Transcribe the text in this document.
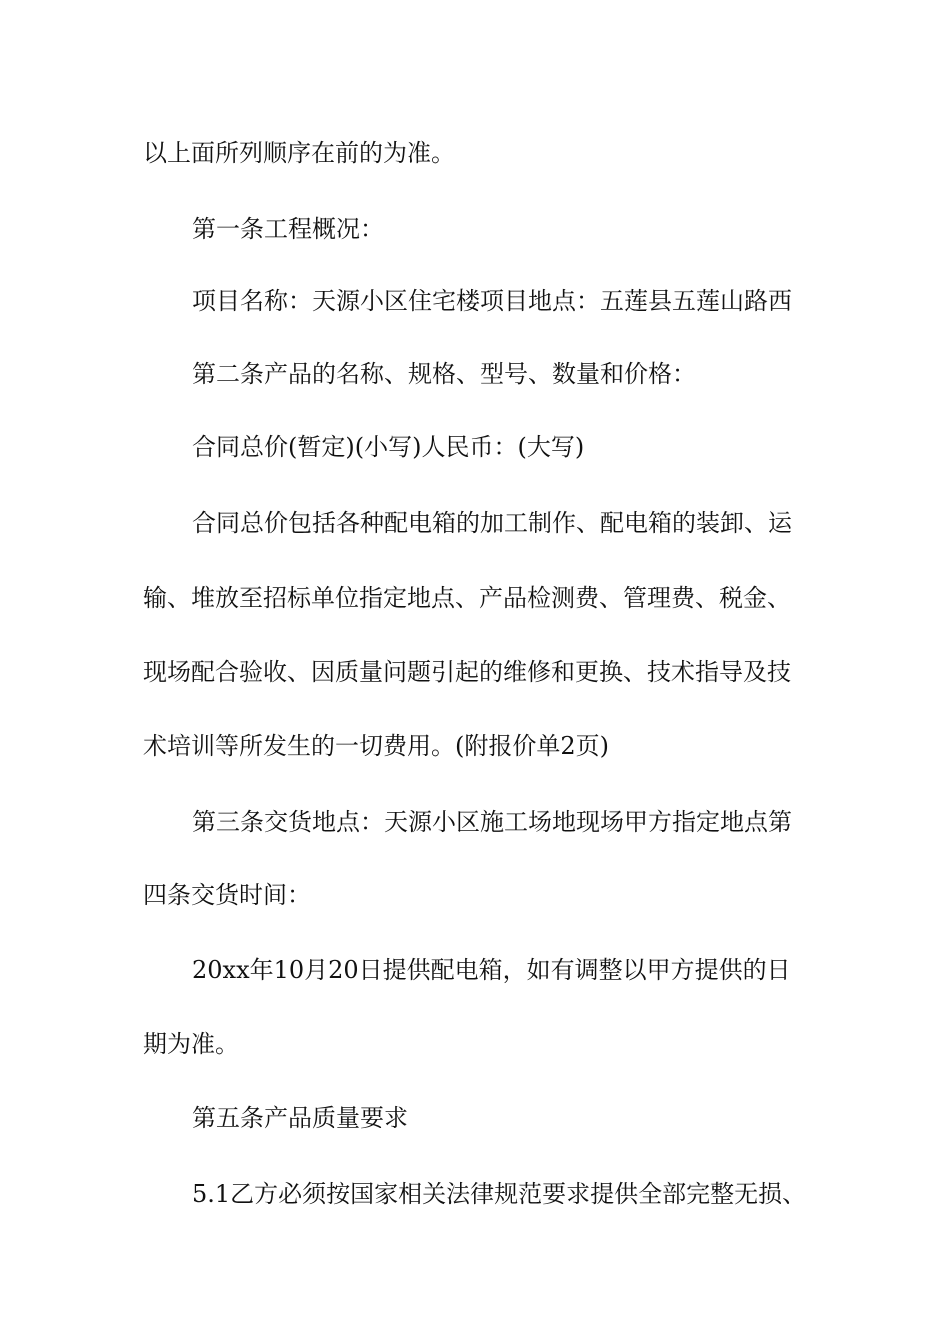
以上面所列顺序在前的为准。

第一条工程概况：

项目名称：天源小区住宅楼项目地点：五莲县五莲山路西

第二条产品的名称、规格、型号、数量和价格：

合同总价(暂定)(小写)人民币：(大写)

合同总价包括各种配电箱的加工制作、配电箱的装卸、运

输、堆放至招标单位指定地点、产品检测费、管理费、税金、

现场配合验收、因质量问题引起的维修和更换、技术指导及技

术培训等所发生的一切费用。(附报价单2页)

第三条交货地点：天源小区施工场地现场甲方指定地点第

四条交货时间：

20xx年10月20日提供配电箱，如有调整以甲方提供的日

期为准。

第五条产品质量要求

5.1乙方必须按国家相关法律规范要求提供全部完整无损、
